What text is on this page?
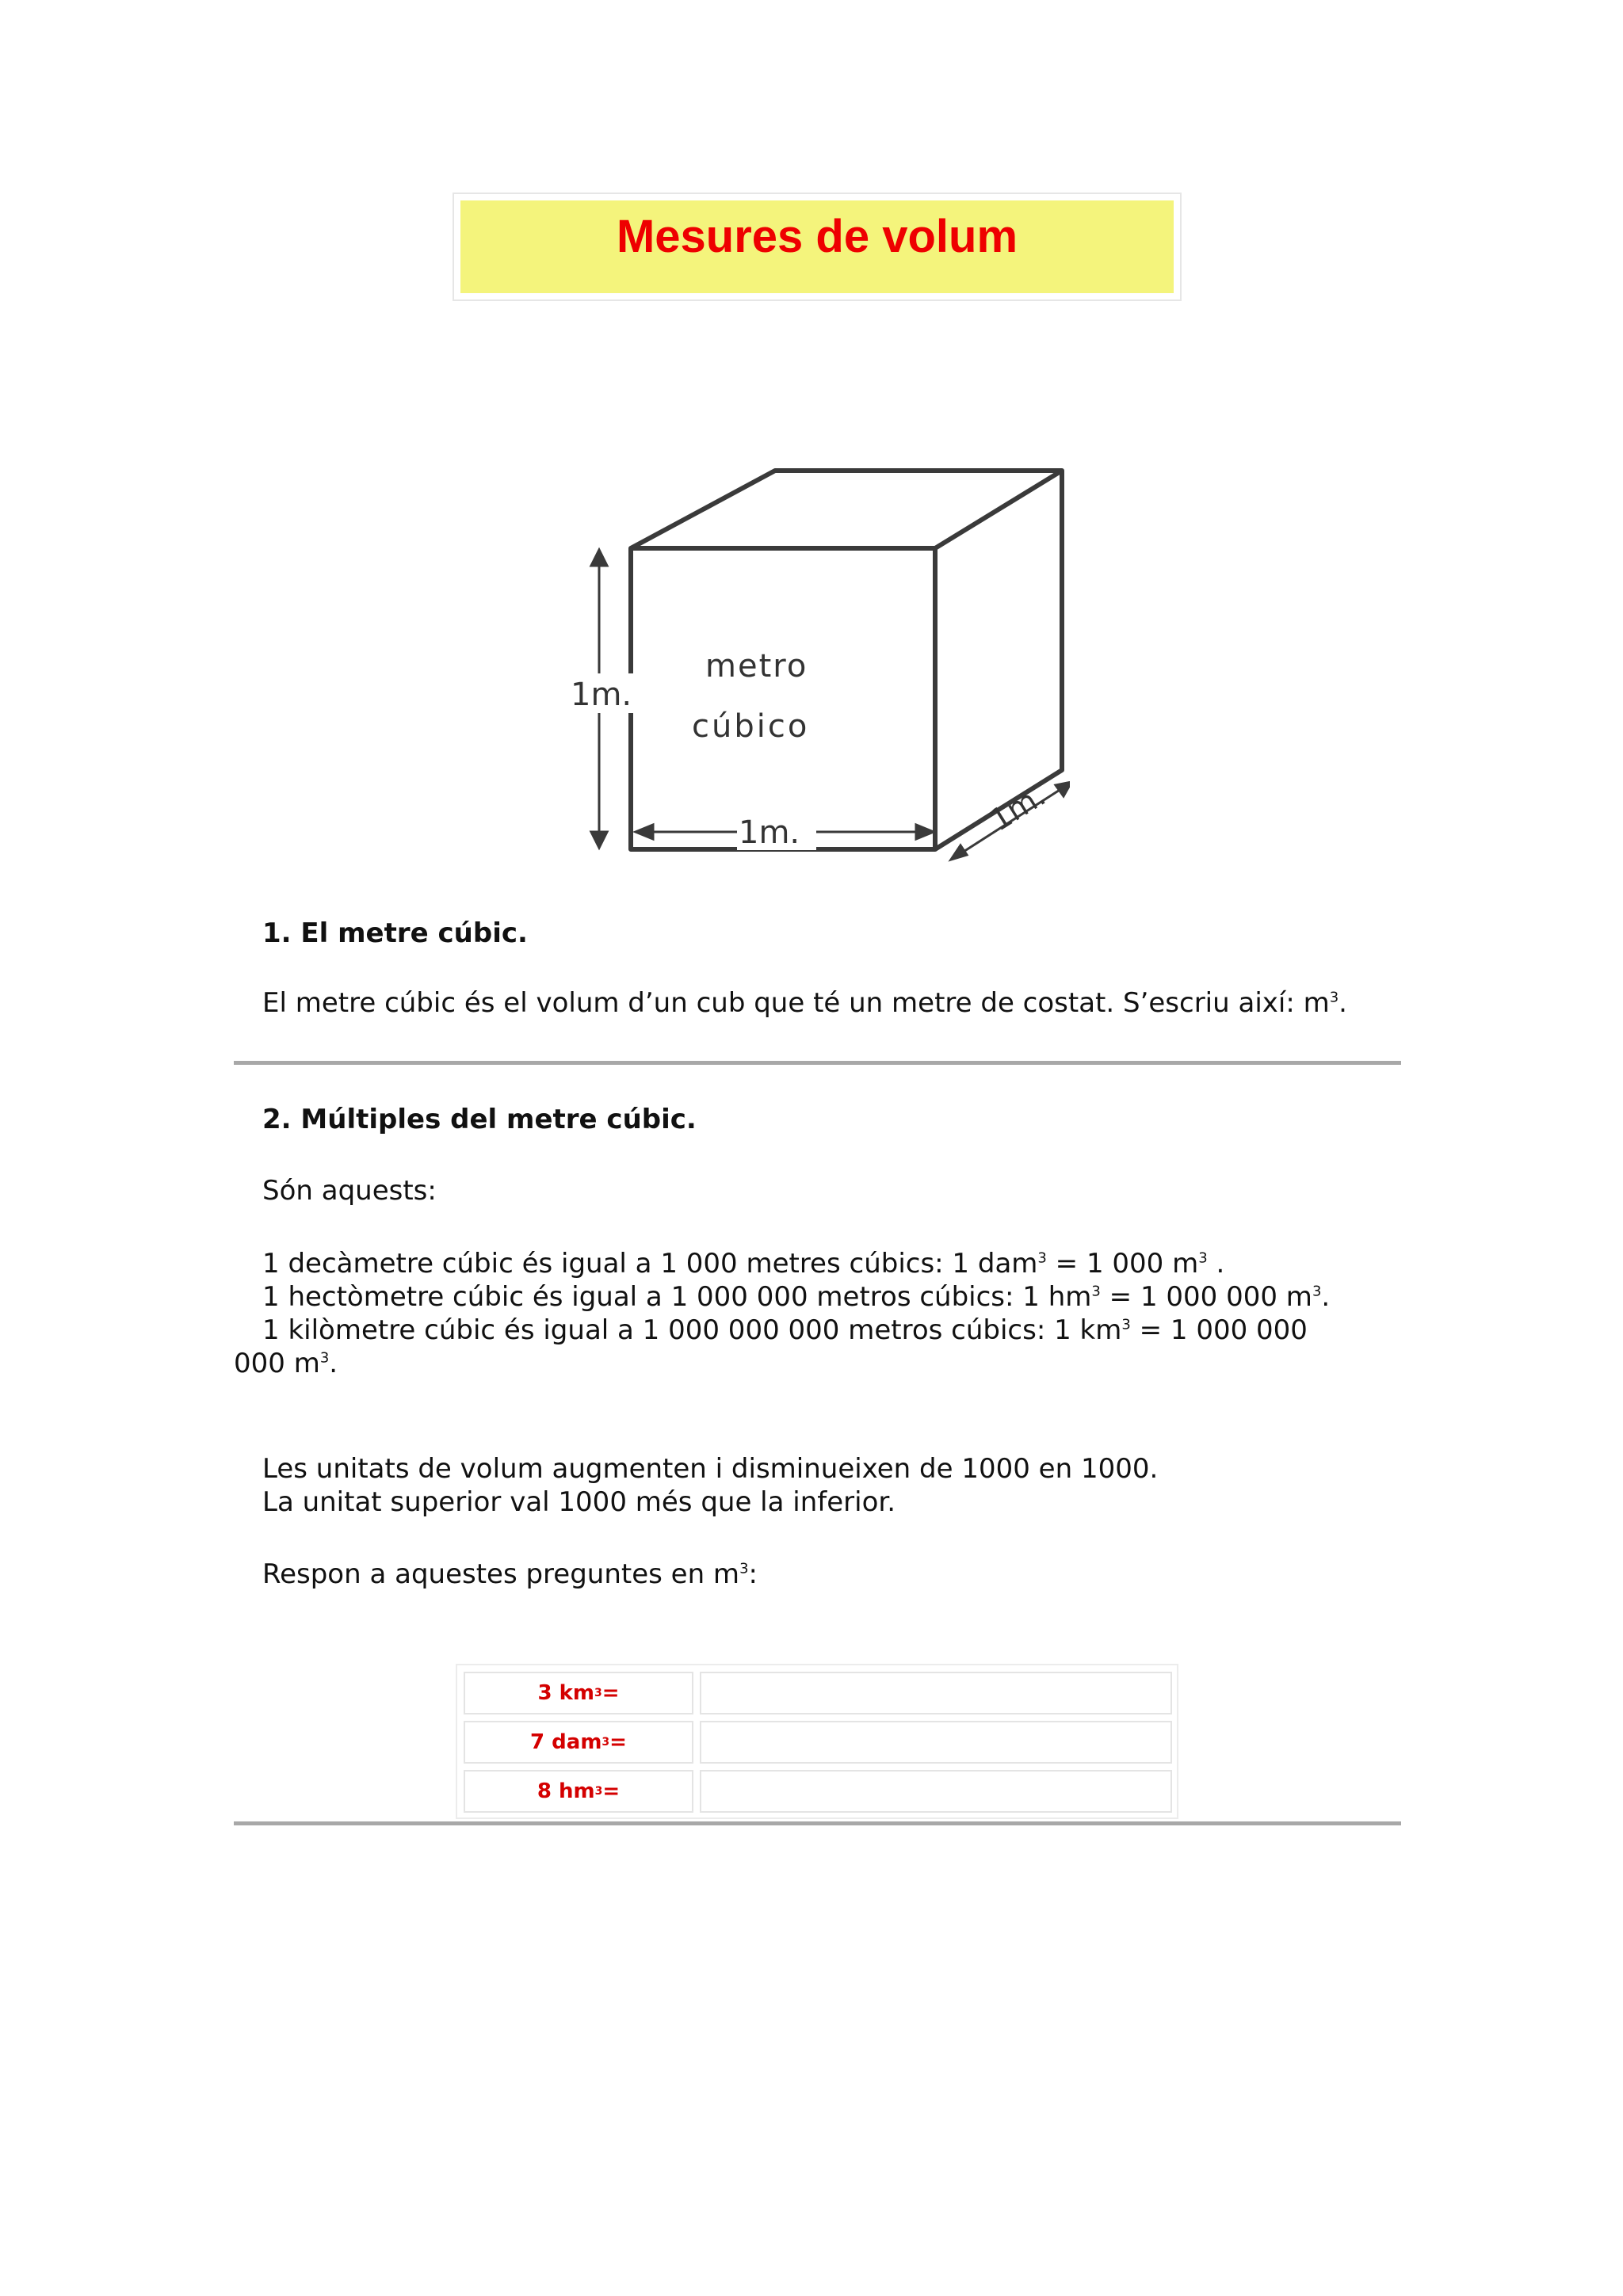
Mesures de volum
1m.
1m.	1m.
metro
cúbico
1. El metre cúbic.
El metre cúbic és el volum d’un cub que té un metre de costat. S’escriu així: $m^3$.
2. Múltiples del metre cúbic.
Són aquests:
1 decàmetre cúbic és igual a 1 000 metres cúbics: 1 dam$^3$ = 1 000 $m^3$ .
1 hectòmetre cúbic és igual a 1 000 000 metros cúbics: 1 $hm^3 = 1$ 000 000 $m^3$.
1 kilòmetre cúbic és igual a 1 000 000 000 metros cúbics: 1 $km^3 = 1$ 000 000
000 $m^3$.
Les unitats de volum augmenten i disminueixen de 1000 en 1000.
La unitat superior val 1000 més que la inferior.
Respon a aquestes preguntes en $m^3$:
3 km 3 =
7 dam 3 =
8 hm 3 =
